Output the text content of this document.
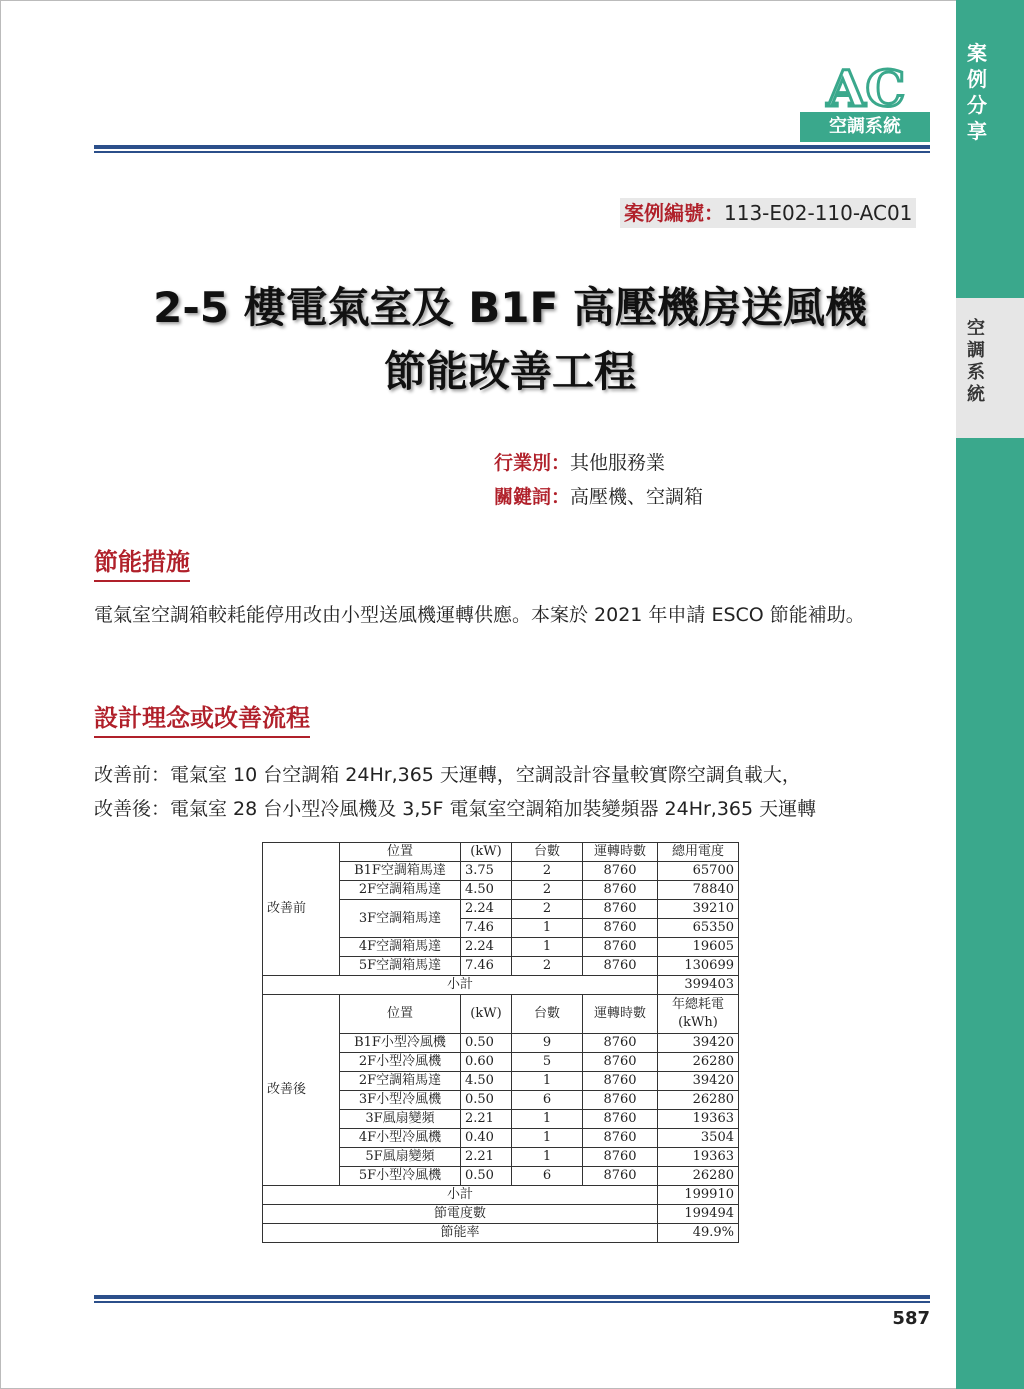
案例分享
空調系統
AC
空調系統
案例編號：113-E02-110-AC01
2-5 樓電氣室及 B1F 高壓機房送風機
節能改善工程
行業別：其他服務業
關鍵詞：高壓機、空調箱
節能措施
電氣室空調箱較耗能停用改由小型送風機運轉供應。本案於 2021 年申請 ESCO 節能補助。
設計理念或改善流程
改善前：電氣室 10 台空調箱 24Hr,365 天運轉，空調設計容量較實際空調負載大，
改善後：電氣室 28 台小型冷風機及 3,5F 電氣室空調箱加裝變頻器 24Hr,365 天運轉
改善前	位置	(kW)	台數	運轉時數	總用電度
	B1F空調箱馬達	3.75	2	8760	65700
	2F空調箱馬達	4.50	2	8760	78840
	3F空調箱馬達	2.24	2	8760	39210
		7.46	1	8760	65350
	4F空調箱馬達	2.24	1	8760	19605
	5F空調箱馬達	7.46	2	8760	130699
小計					399403
改善後	位置	(kW)	台數	運轉時數	年總耗電(kWh)
	B1F小型冷風機	0.50	9	8760	39420
	2F小型冷風機	0.60	5	8760	26280
	2F空調箱馬達	4.50	1	8760	39420
	3F小型冷風機	0.50	6	8760	26280
	3F風扇變頻	2.21	1	8760	19363
	4F小型冷風機	0.40	1	8760	3504
	5F風扇變頻	2.21	1	8760	19363
	5F小型冷風機	0.50	6	8760	26280
小計					199910
節電度數					199494
節能率					49.9%
587
